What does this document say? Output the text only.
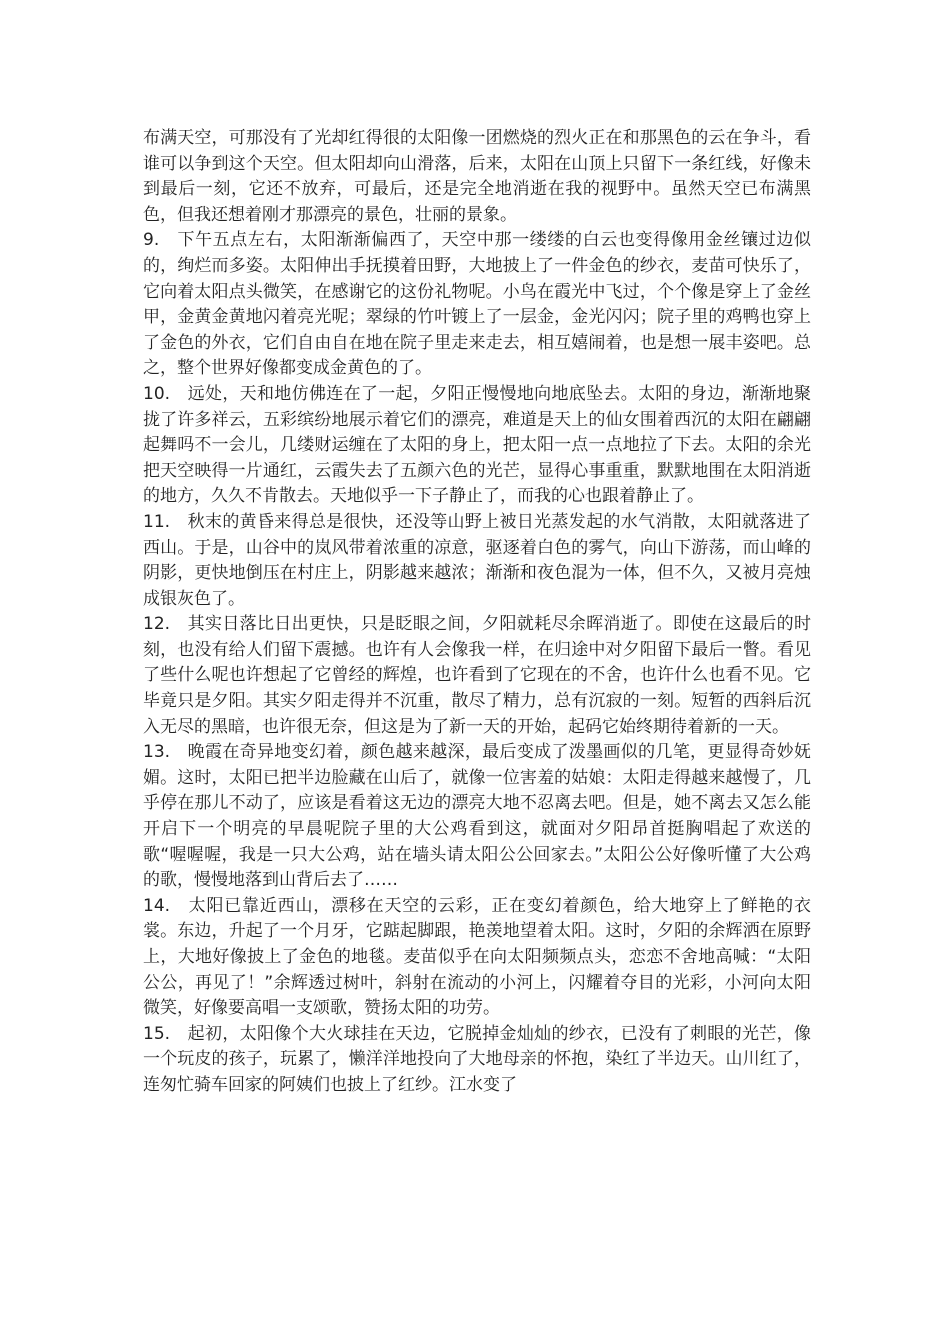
布满天空，可那没有了光却红得很的太阳像一团燃烧的烈火正在和那黑色的云在争斗，看谁可以争到这个天空。但太阳却向山滑落，后来，太阳在山顶上只留下一条红线，好像未到最后一刻，它还不放弃，可最后，还是完全地消逝在我的视野中。虽然天空已布满黑色，但我还想着刚才那漂亮的景色，壮丽的景象。

9.　下午五点左右，太阳渐渐偏西了，天空中那一缕缕的白云也变得像用金丝镶过边似的，绚烂而多姿。太阳伸出手抚摸着田野，大地披上了一件金色的纱衣，麦苗可快乐了，它向着太阳点头微笑，在感谢它的这份礼物呢。小鸟在霞光中飞过，个个像是穿上了金丝甲，金黄金黄地闪着亮光呢；翠绿的竹叶镀上了一层金，金光闪闪；院子里的鸡鸭也穿上了金色的外衣，它们自由自在地在院子里走来走去，相互嬉闹着，也是想一展丰姿吧。总之，整个世界好像都变成金黄色的了。

10.　远处，天和地仿佛连在了一起，夕阳正慢慢地向地底坠去。太阳的身边，渐渐地聚拢了许多祥云，五彩缤纷地展示着它们的漂亮，难道是天上的仙女围着西沉的太阳在翩翩起舞吗不一会儿，几缕财运缠在了太阳的身上，把太阳一点一点地拉了下去。太阳的余光把天空映得一片通红，云霞失去了五颜六色的光芒，显得心事重重，默默地围在太阳消逝的地方，久久不肯散去。天地似乎一下子静止了，而我的心也跟着静止了。

11.　秋末的黄昏来得总是很快，还没等山野上被日光蒸发起的水气消散，太阳就落进了西山。于是，山谷中的岚风带着浓重的凉意，驱逐着白色的雾气，向山下游荡，而山峰的阴影，更快地倒压在村庄上，阴影越来越浓；渐渐和夜色混为一体，但不久，又被月亮烛成银灰色了。

12.　其实日落比日出更快，只是眨眼之间，夕阳就耗尽余晖消逝了。即使在这最后的时刻，也没有给人们留下震撼。也许有人会像我一样，在归途中对夕阳留下最后一瞥。看见了些什么呢也许想起了它曾经的辉煌，也许看到了它现在的不舍，也许什么也看不见。它毕竟只是夕阳。其实夕阳走得并不沉重，散尽了精力，总有沉寂的一刻。短暂的西斜后沉入无尽的黑暗，也许很无奈，但这是为了新一天的开始，起码它始终期待着新的一天。

13.　晚霞在奇异地变幻着，颜色越来越深，最后变成了泼墨画似的几笔，更显得奇妙妩媚。这时，太阳已把半边脸藏在山后了，就像一位害羞的姑娘：太阳走得越来越慢了，几乎停在那儿不动了，应该是看着这无边的漂亮大地不忍离去吧。但是，她不离去又怎么能开启下一个明亮的早晨呢院子里的大公鸡看到这，就面对夕阳昂首挺胸唱起了欢送的歌“喔喔喔，我是一只大公鸡，站在墙头请太阳公公回家去。”太阳公公好像听懂了大公鸡的歌，慢慢地落到山背后去了……

14.　太阳已靠近西山，漂移在天空的云彩，正在变幻着颜色，给大地穿上了鲜艳的衣裳。东边，升起了一个月牙，它踮起脚跟，艳羡地望着太阳。这时，夕阳的余辉洒在原野上，大地好像披上了金色的地毯。麦苗似乎在向太阳频频点头，恋恋不舍地高喊：“太阳公公，再见了！”余辉透过树叶，斜射在流动的小河上，闪耀着夺目的光彩，小河向太阳微笑，好像要高唱一支颂歌，赞扬太阳的功劳。

15.　起初，太阳像个大火球挂在天边，它脱掉金灿灿的纱衣，已没有了刺眼的光芒，像一个玩皮的孩子，玩累了，懒洋洋地投向了大地母亲的怀抱，染红了半边天。山川红了，连匆忙骑车回家的阿姨们也披上了红纱。江水变了
